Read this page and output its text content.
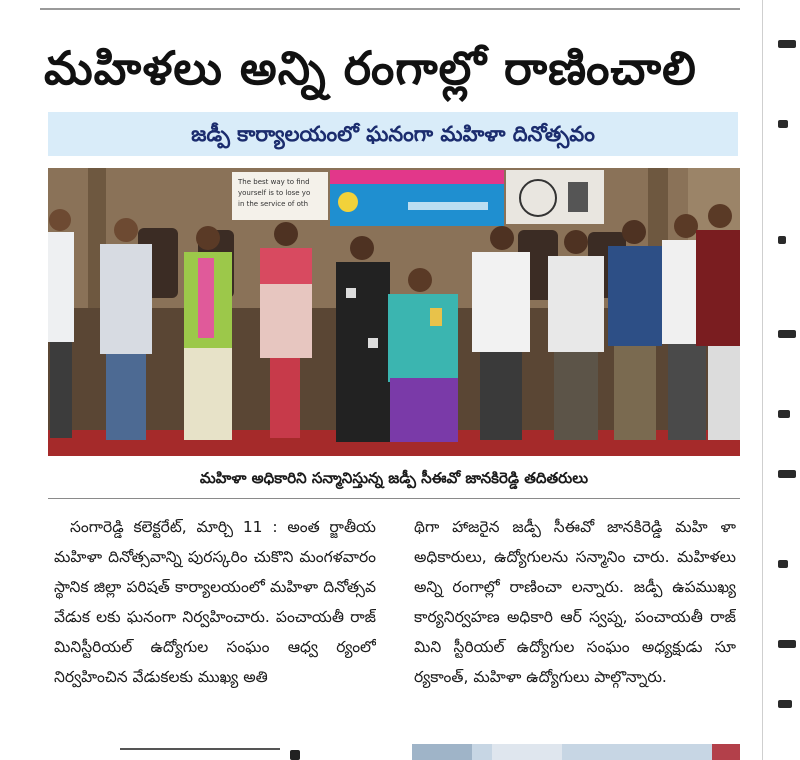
మహిళలు అన్ని రంగాల్లో రాణించాలి
జడ్పీ కార్యాలయంలో ఘనంగా మహిళా దినోత్సవం
The best way to find
yourself is to lose yo
in the service of oth
మహిళా అధికారిని సన్మానిస్తున్న జడ్పీ సీఈవో జానకిరెడ్డి తదితరులు

సంగారెడ్డి కలెక్టరేట్‌, మార్చి 11 : అంత ర్జాతీయ మహిళా దినోత్సవాన్ని పురస్కరిం చుకొని మంగళవారం స్థానిక జిల్లా పరిషత్‌ కార్యాలయంలో మహిళా దినోత్సవ వేడుక లకు ఘనంగా నిర్వహించారు. పంచాయతీ రాజ్‌ మినిస్టీరియల్‌ ఉద్యోగుల సంఘం ఆధ్వ ర్యంలో నిర్వహించిన వేడుకలకు ముఖ్య అతి

థిగా హాజరైన జడ్పీ సీఈవో జానకిరెడ్డి మహి ళా అధికారులు, ఉద్యోగులను సన్మానిం చారు. మహిళలు అన్ని రంగాల్లో రాణించా లన్నారు. జడ్పీ ఉపముఖ్య కార్యనిర్వహణ అధికారి ఆర్‌ స్వప్న, పంచాయతీ రాజ్‌ మిని స్టీరియల్‌ ఉద్యోగుల సంఘం అధ్యక్షుడు సూ ర్యకాంత్‌, మహిళా ఉద్యోగులు పాల్గొన్నారు.
